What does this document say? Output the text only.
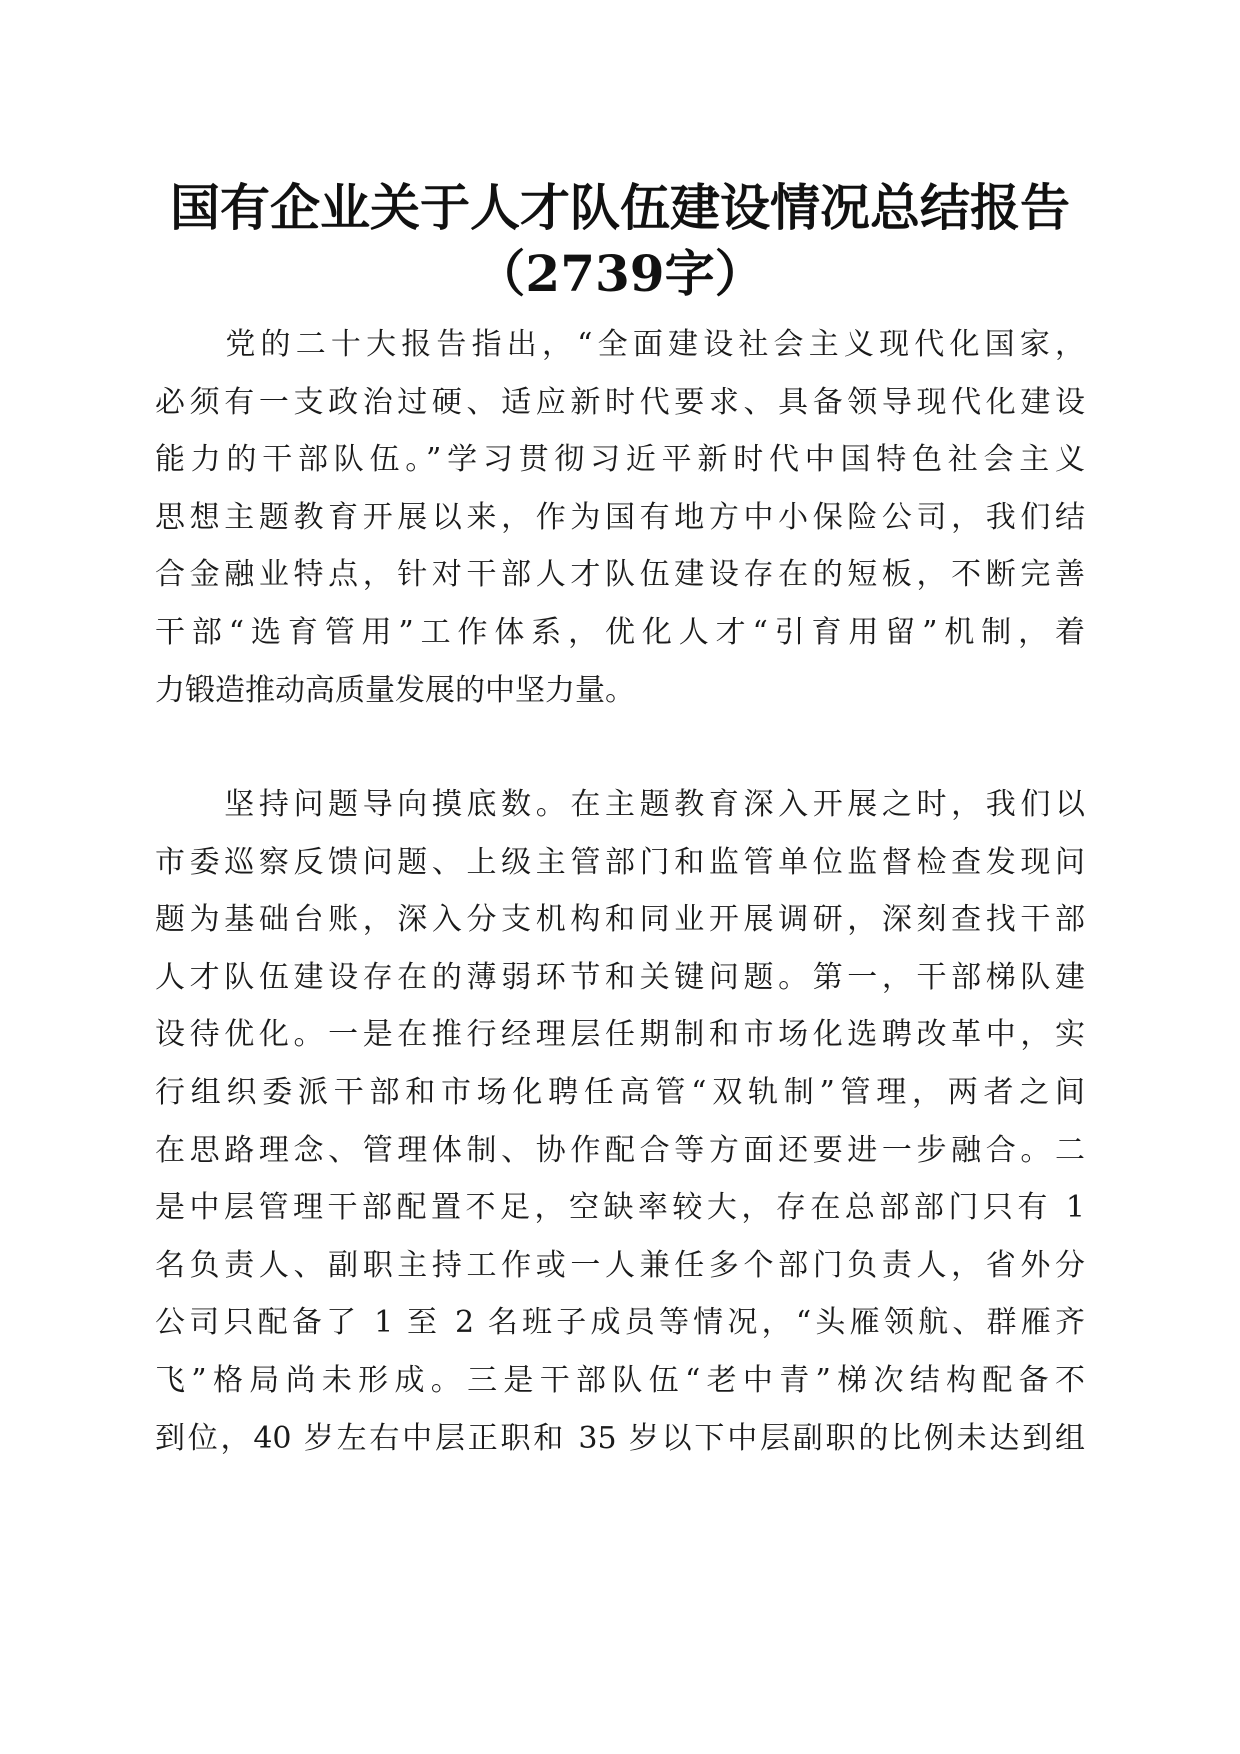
国有企业关于人才队伍建设情况总结报告
（2739字）
　　党的二十大报告指出，“全面建设社会主义现代化国家，
必须有一支政治过硬、适应新时代要求、具备领导现代化建设
能力的干部队伍。”学习贯彻习近平新时代中国特色社会主义
思想主题教育开展以来，作为国有地方中小保险公司，我们结
合金融业特点，针对干部人才队伍建设存在的短板，不断完善
干部“选育管用”工作体系，优化人才“引育用留”机制，着
力锻造推动高质量发展的中坚力量。
　　坚持问题导向摸底数。在主题教育深入开展之时，我们以
市委巡察反馈问题、上级主管部门和监管单位监督检查发现问
题为基础台账，深入分支机构和同业开展调研，深刻查找干部
人才队伍建设存在的薄弱环节和关键问题。第一，干部梯队建
设待优化。一是在推行经理层任期制和市场化选聘改革中，实
行组织委派干部和市场化聘任高管“双轨制”管理，两者之间
在思路理念、管理体制、协作配合等方面还要进一步融合。二
是中层管理干部配置不足，空缺率较大，存在总部部门只有 1
名负责人、副职主持工作或一人兼任多个部门负责人，省外分
公司只配备了 1 至 2 名班子成员等情况，“头雁领航、群雁齐
飞”格局尚未形成。三是干部队伍“老中青”梯次结构配备不
到位，40 岁左右中层正职和 35 岁以下中层副职的比例未达到组
